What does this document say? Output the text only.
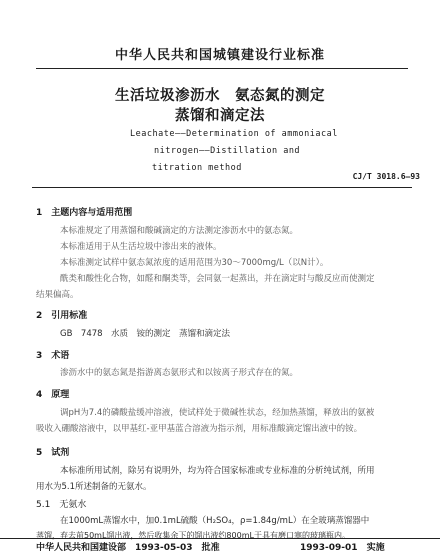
中华人民共和国城镇建设行业标准
生活垃圾渗沥水　氨态氮的测定
蒸馏和滴定法
Leachate——Determination of ammoniacal
nitrogen——Distillation and
titration method
CJ/T 3018.6—93
1　主题内容与适用范围
本标准规定了用蒸馏和酸碱滴定的方法测定渗沥水中的氨态氮。
本标准适用于从生活垃圾中渗出来的液体。
本标准测定试样中氨态氮浓度的适用范围为30～7000mg/L（以N计）。
酰类和酸性化合物，如醛和酮类等，会同氨一起蒸出，并在滴定时与酸反应而使测定
结果偏高。
2　引用标准
GB　7478　水质　铵的测定　蒸馏和滴定法
3　术语
渗沥水中的氨态氮是指游离态氨形式和以铵离子形式存在的氮。
4　原理
调pH为7.4的磷酸盐缓冲溶液，使试样处于微碱性状态，经加热蒸馏，释放出的氨被
吸收入硼酸溶液中，以甲基红-亚甲基蓝合溶液为指示剂，用标准酸滴定馏出液中的铵。
5　试剂
本标准所用试剂，除另有说明外，均为符合国家标准或专业标准的分析纯试剂，所用
用水为5.1所述制备的无氨水。
5.1　无氨水
在1000mL蒸馏水中，加0.1mL硫酸（H₂SO₄，ρ=1.84g/mL）在全玻璃蒸馏器中
蒸馏，弃去前50mL馏出液，然后收集余下的馏出液约800mL于具有磨口塞的玻璃瓶内。
中华人民共和国建设部　1993-05-03　批准	1993-09-01　实施
